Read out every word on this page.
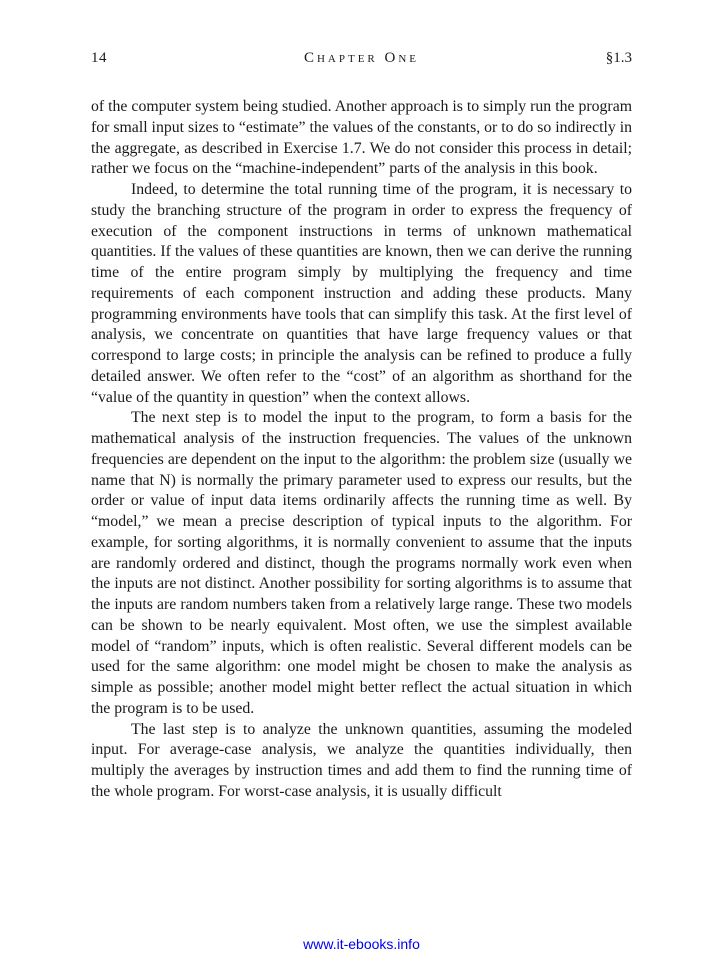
14	Chapter One	§1.3

of the computer system being studied. Another approach is to simply run the program for small input sizes to “estimate” the values of the constants, or to do so indirectly in the aggregate, as described in Exercise 1.7. We do not consider this process in detail; rather we focus on the “machine-independent” parts of the analysis in this book.

Indeed, to determine the total running time of the program, it is necessary to study the branching structure of the program in order to express the frequency of execution of the component instructions in terms of unknown mathematical quantities. If the values of these quantities are known, then we can derive the running time of the entire program simply by multiplying the frequency and time requirements of each component instruction and adding these products. Many programming environments have tools that can simplify this task. At the first level of analysis, we concentrate on quantities that have large frequency values or that correspond to large costs; in principle the analysis can be refined to produce a fully detailed answer. We often refer to the “cost” of an algorithm as shorthand for the “value of the quantity in question” when the context allows.

The next step is to model the input to the program, to form a basis for the mathematical analysis of the instruction frequencies. The values of the unknown frequencies are dependent on the input to the algorithm: the problem size (usually we name that N) is normally the primary parameter used to express our results, but the order or value of input data items ordinarily affects the running time as well. By “model,” we mean a precise description of typical inputs to the algorithm. For example, for sorting algorithms, it is normally convenient to assume that the inputs are randomly ordered and distinct, though the programs normally work even when the inputs are not distinct. Another possibility for sorting algorithms is to assume that the inputs are random numbers taken from a relatively large range. These two models can be shown to be nearly equivalent. Most often, we use the simplest available model of “random” inputs, which is often realistic. Several different models can be used for the same algorithm: one model might be chosen to make the analysis as simple as possible; another model might better reflect the actual situation in which the program is to be used.

The last step is to analyze the unknown quantities, assuming the modeled input. For average-case analysis, we analyze the quantities individually, then multiply the averages by instruction times and add them to find the running time of the whole program. For worst-case analysis, it is usually difficult

www.it-ebooks.info
